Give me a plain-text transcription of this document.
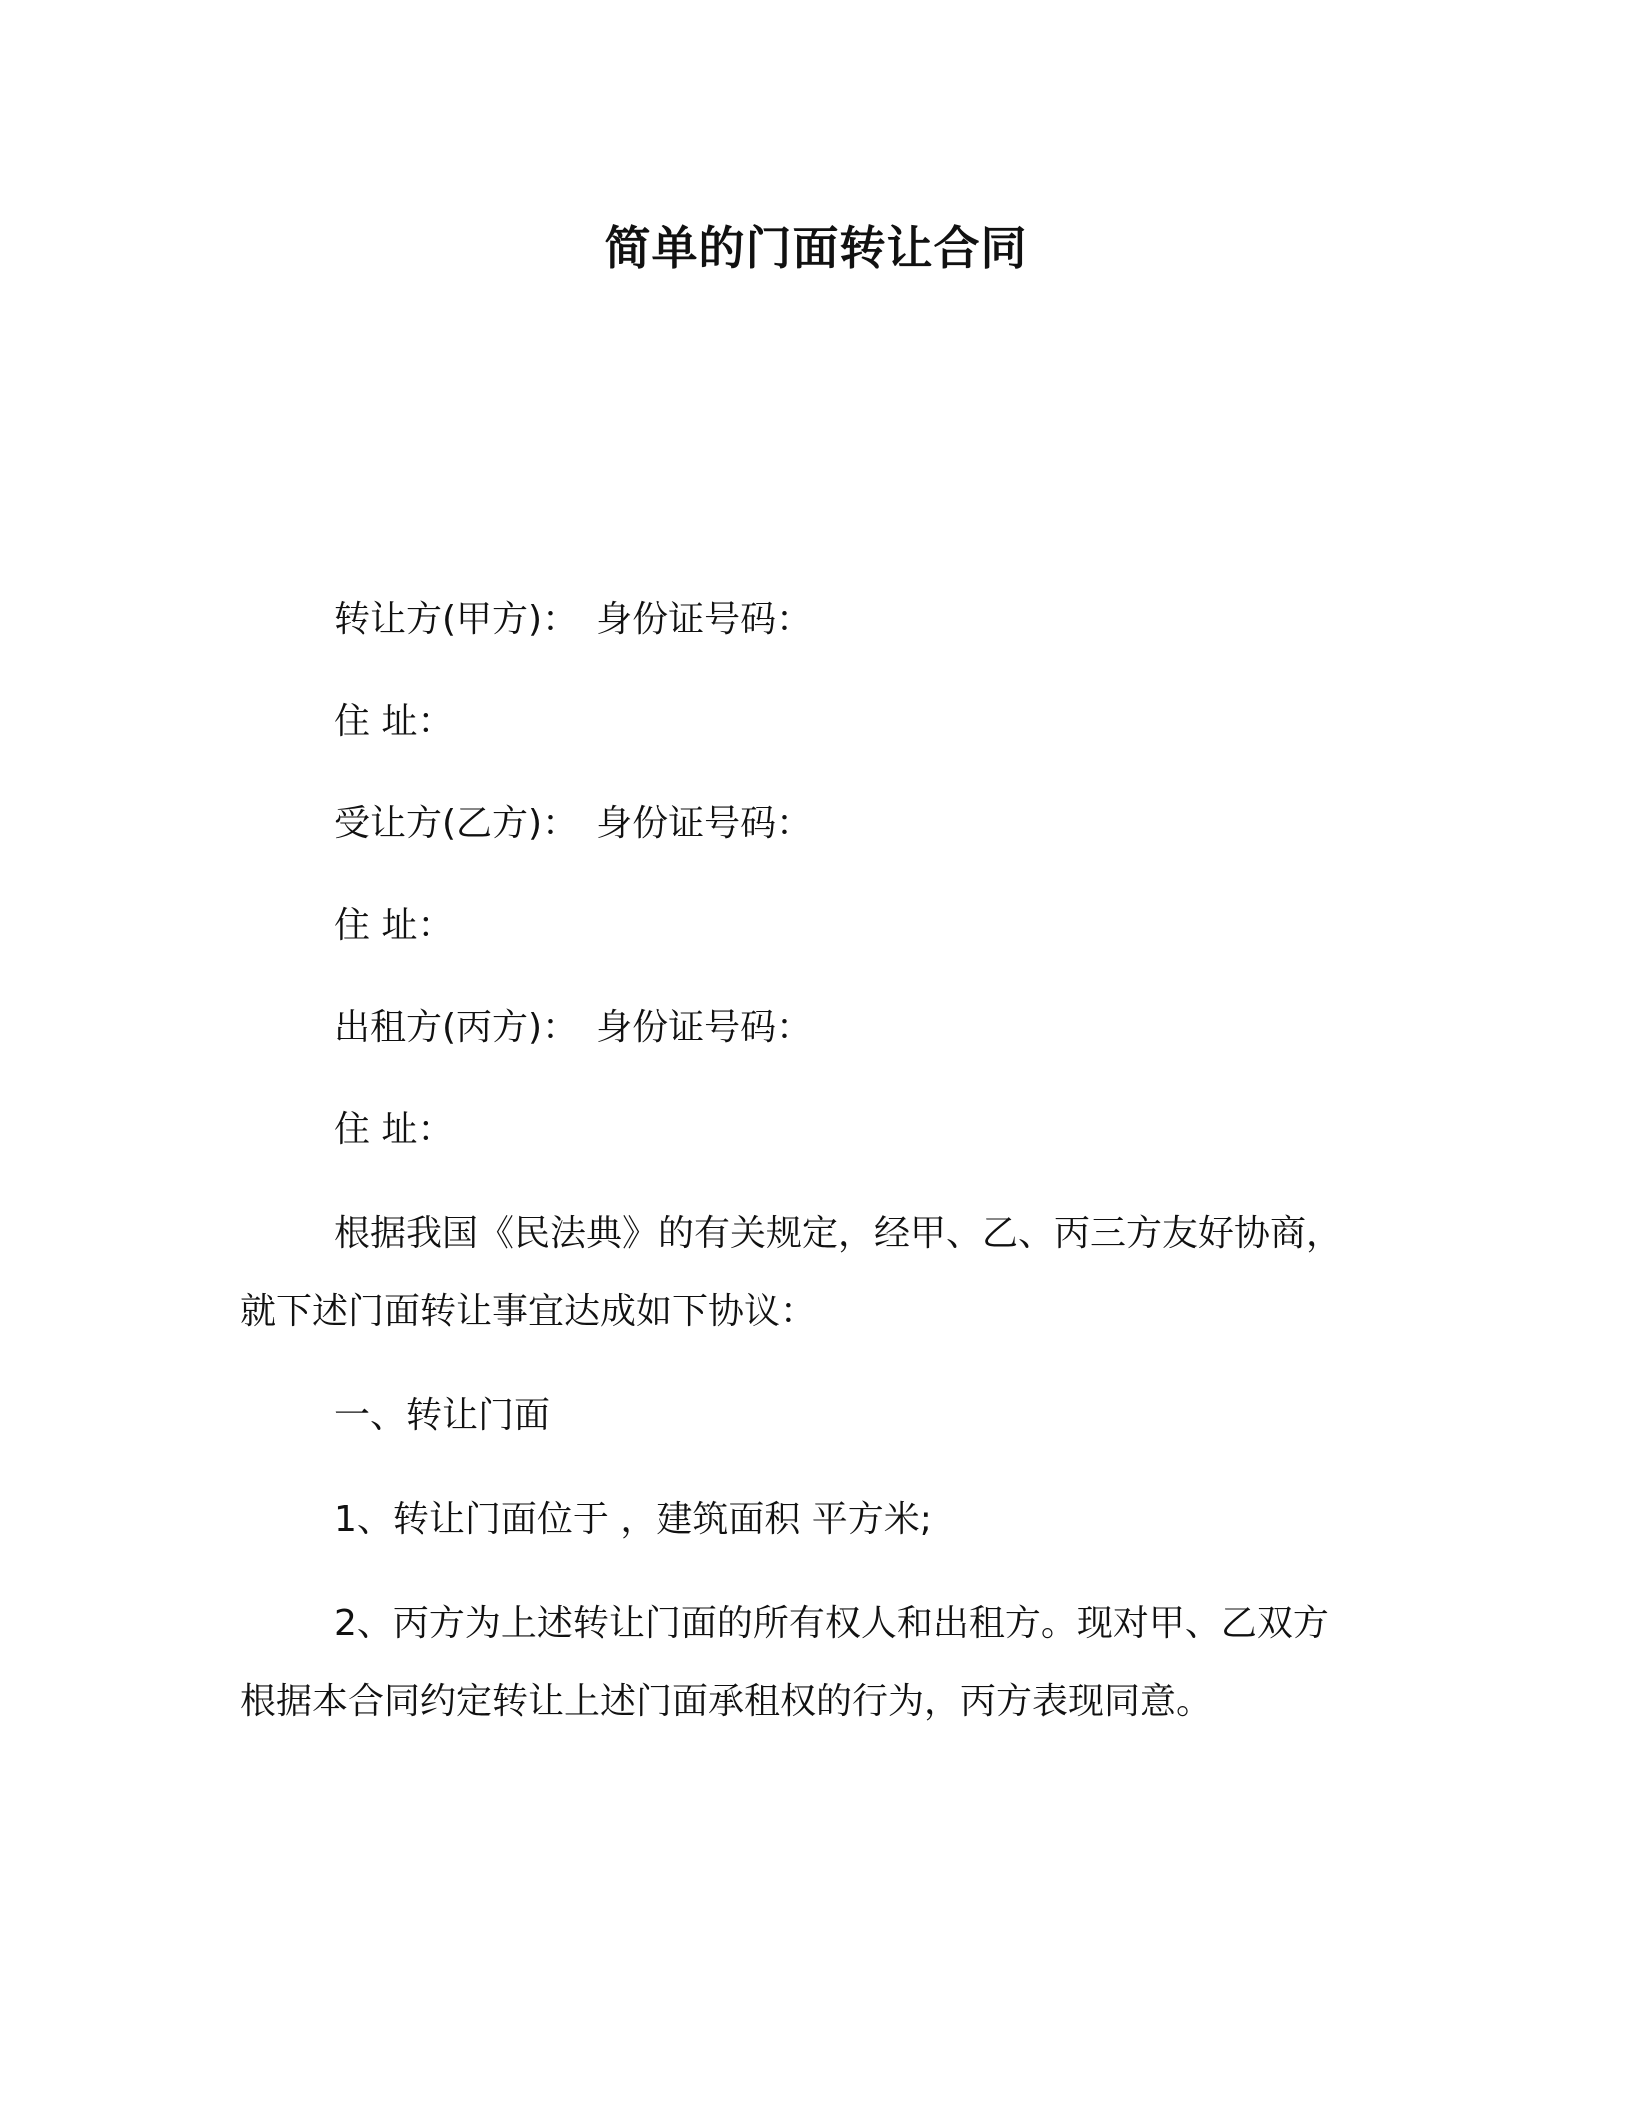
简单的门面转让合同
转让方(甲方)： 身份证号码：
住 址：
受让方(乙方)： 身份证号码：
住 址：
出租方(丙方)： 身份证号码：
住 址：
根据我国《民法典》的有关规定，经甲、乙、丙三方友好协商，
就下述门面转让事宜达成如下协议：
一、转让门面
1、转让门面位于 ，建筑面积 平方米;
2、丙方为上述转让门面的所有权人和出租方。现对甲、乙双方
根据本合同约定转让上述门面承租权的行为，丙方表现同意。
